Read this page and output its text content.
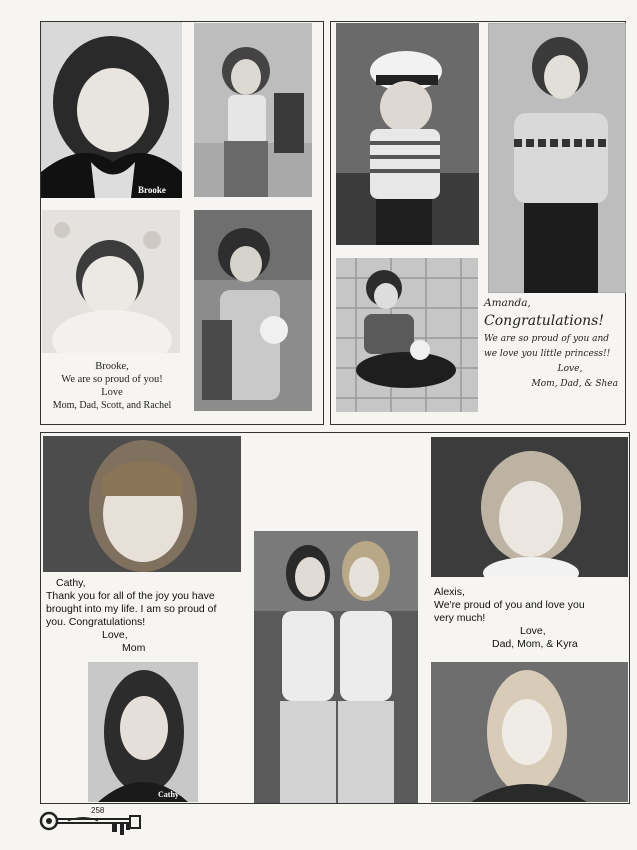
Brooke
Brooke,
We are so proud of you!
Love
Mom, Dad, Scott, and Rachel
Amanda,
Congratulations!
We are so proud of you and
we love you little princess!!
Love,
Mom, Dad, & Shea
Cathy,
Thank you for all of the joy you have
brought into my life. I am so proud of
you. Congratulations!
Love,
Mom
Cathy
Alexis,
We're proud of you and love you
very much!
Love,
Dad, Mom, & Kyra
258
